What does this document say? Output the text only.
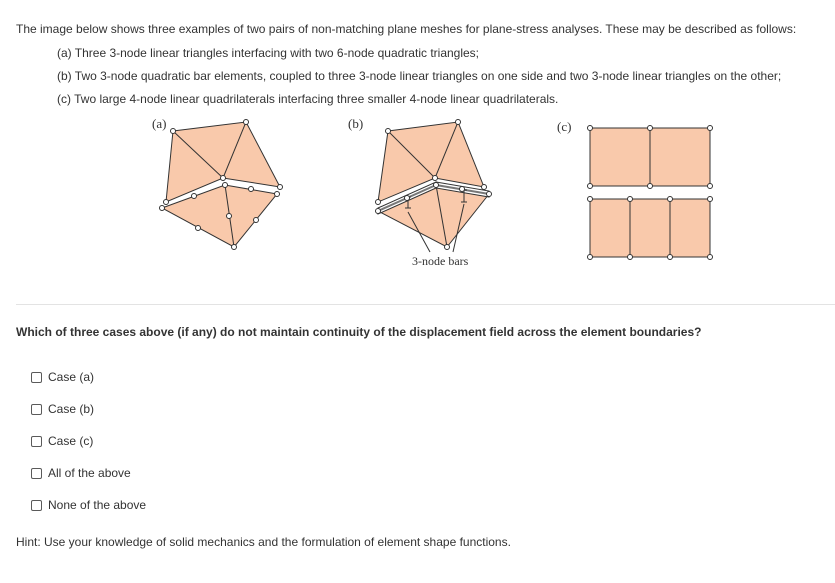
The image below shows three examples of two pairs of non-matching plane meshes for plane-stress analyses. These may be described as follows:
(a) Three 3-node linear triangles interfacing with two 6-node quadratic triangles;
(b) Two 3-node quadratic bar elements, coupled to three 3-node linear triangles on one side and two 3-node linear triangles on the other;
(c) Two large 4-node linear quadrilaterals interfacing three smaller 4-node linear quadrilaterals.
(a)	(b)	(c)
3-node bars
Which of three cases above (if any) do not maintain continuity of the displacement field across the element boundaries?
Case (a)
Case (b)
Case (c)
All of the above
None of the above
Hint: Use your knowledge of solid mechanics and the formulation of element shape functions.
